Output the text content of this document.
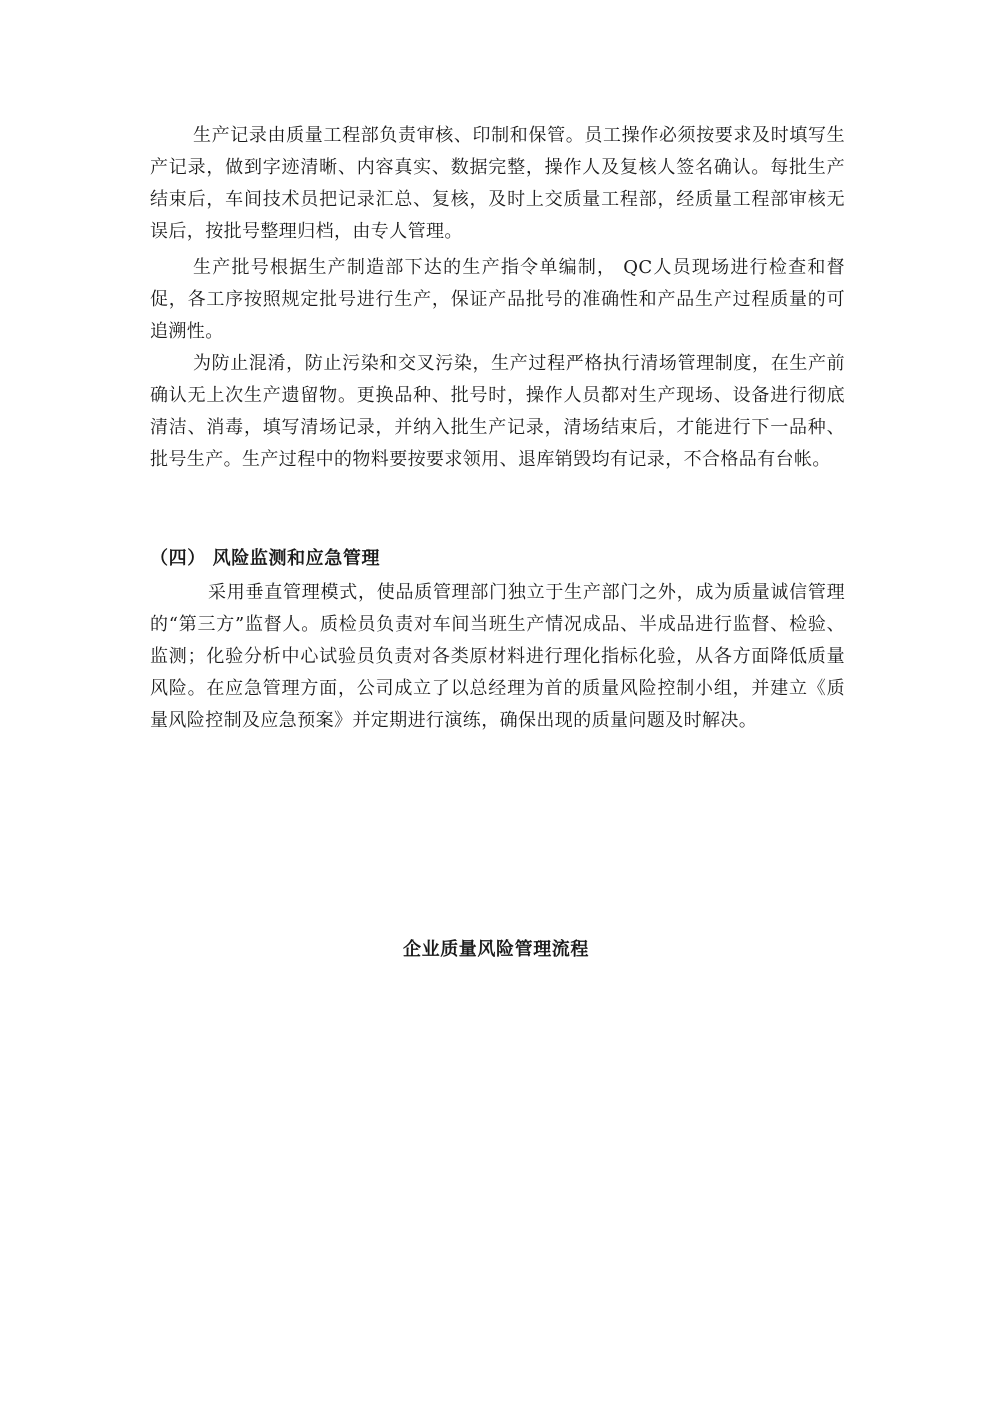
生产记录由质量工程部负责审核、印制和保管。员工操作必须按要求及时填写生产记录，做到字迹清晰、内容真实、数据完整，操作人及复核人签名确认。每批生产结束后，车间技术员把记录汇总、复核，及时上交质量工程部，经质量工程部审核无误后，按批号整理归档，由专人管理。

生产批号根据生产制造部下达的生产指令单编制， QC人员现场进行检查和督促，各工序按照规定批号进行生产，保证产品批号的准确性和产品生产过程质量的可追溯性。

为防止混淆，防止污染和交叉污染，生产过程严格执行清场管理制度，在生产前确认无上次生产遗留物。更换品种、批号时，操作人员都对生产现场、设备进行彻底清洁、消毒，填写清场记录，并纳入批生产记录，清场结束后，才能进行下一品种、批号生产。生产过程中的物料要按要求领用、退库销毁均有记录，不合格品有台帐。

（四） 风险监测和应急管理

采用垂直管理模式，使品质管理部门独立于生产部门之外，成为质量诚信管理的“第三方”监督人。质检员负责对车间当班生产情况成品、半成品进行监督、检验、监测；化验分析中心试验员负责对各类原材料进行理化指标化验，从各方面降低质量风险。在应急管理方面，公司成立了以总经理为首的质量风险控制小组，并建立《质量风险控制及应急预案》并定期进行演练，确保出现的质量问题及时解决。

企业质量风险管理流程
